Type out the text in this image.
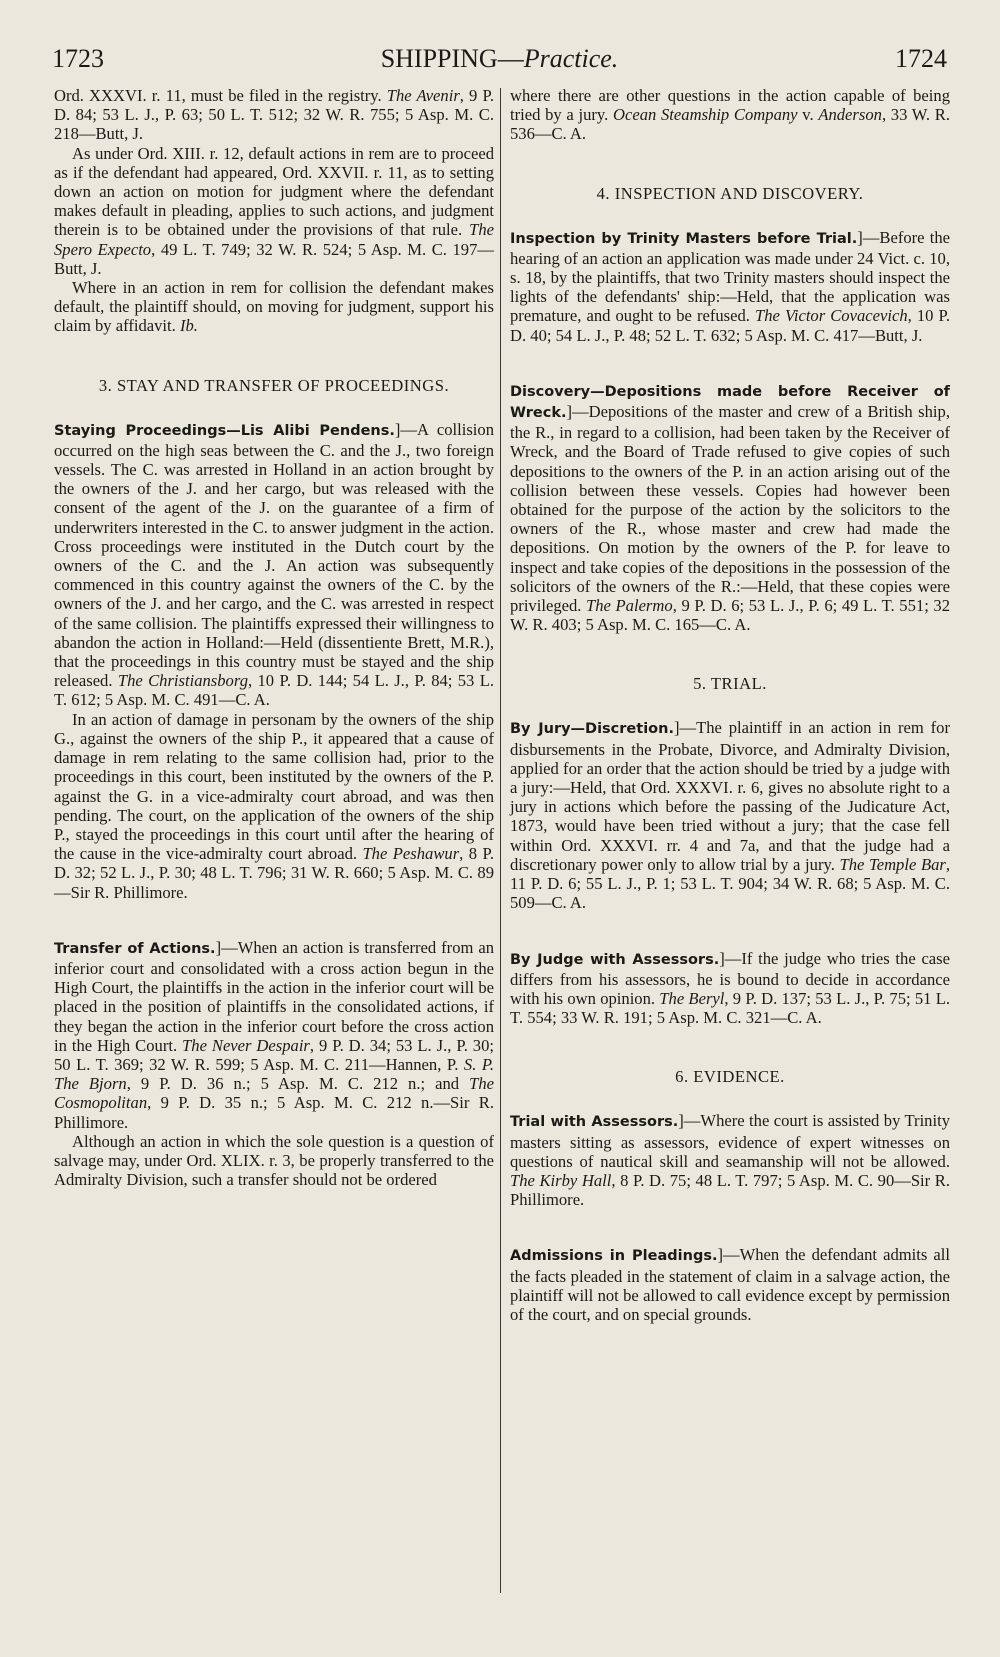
1723	SHIPPING—Practice.	1724

Ord. XXXVI. r. 11, must be filed in the registry. The Avenir, 9 P. D. 84; 53 L. J., P. 63; 50 L. T. 512; 32 W. R. 755; 5 Asp. M. C. 218—Butt, J.

As under Ord. XIII. r. 12, default actions in rem are to proceed as if the defendant had appeared, Ord. XXVII. r. 11, as to setting down an action on motion for judgment where the defendant makes default in pleading, applies to such actions, and judgment therein is to be obtained under the provisions of that rule. The Spero Expecto, 49 L. T. 749; 32 W. R. 524; 5 Asp. M. C. 197—Butt, J.

Where in an action in rem for collision the defendant makes default, the plaintiff should, on moving for judgment, support his claim by affidavit. Ib.

3. STAY AND TRANSFER OF PROCEEDINGS.

Staying Proceedings—Lis Alibi Pendens.]—A collision occurred on the high seas between the C. and the J., two foreign vessels. The C. was arrested in Holland in an action brought by the owners of the J. and her cargo, but was released with the consent of the agent of the J. on the guarantee of a firm of underwriters interested in the C. to answer judgment in the action. Cross proceedings were instituted in the Dutch court by the owners of the C. and the J. An action was subsequently commenced in this country against the owners of the C. by the owners of the J. and her cargo, and the C. was arrested in respect of the same collision. The plaintiffs expressed their willingness to abandon the action in Holland:—Held (dissentiente Brett, M.R.), that the proceedings in this country must be stayed and the ship released. The Christiansborg, 10 P. D. 144; 54 L. J., P. 84; 53 L. T. 612; 5 Asp. M. C. 491—C. A.

In an action of damage in personam by the owners of the ship G., against the owners of the ship P., it appeared that a cause of damage in rem relating to the same collision had, prior to the proceedings in this court, been instituted by the owners of the P. against the G. in a vice-admiralty court abroad, and was then pending. The court, on the application of the owners of the ship P., stayed the proceedings in this court until after the hearing of the cause in the vice-admiralty court abroad. The Peshawur, 8 P. D. 32; 52 L. J., P. 30; 48 L. T. 796; 31 W. R. 660; 5 Asp. M. C. 89—Sir R. Phillimore.

Transfer of Actions.]—When an action is transferred from an inferior court and consolidated with a cross action begun in the High Court, the plaintiffs in the action in the inferior court will be placed in the position of plaintiffs in the consolidated actions, if they began the action in the inferior court before the cross action in the High Court. The Never Despair, 9 P. D. 34; 53 L. J., P. 30; 50 L. T. 369; 32 W. R. 599; 5 Asp. M. C. 211—Hannen, P. S. P. The Bjorn, 9 P. D. 36 n.; 5 Asp. M. C. 212 n.; and The Cosmopolitan, 9 P. D. 35 n.; 5 Asp. M. C. 212 n.—Sir R. Phillimore.

Although an action in which the sole question is a question of salvage may, under Ord. XLIX. r. 3, be properly transferred to the Admiralty Division, such a transfer should not be ordered

where there are other questions in the action capable of being tried by a jury. Ocean Steamship Company v. Anderson, 33 W. R. 536—C. A.

4. INSPECTION AND DISCOVERY.

Inspection by Trinity Masters before Trial.]—Before the hearing of an action an application was made under 24 Vict. c. 10, s. 18, by the plaintiffs, that two Trinity masters should inspect the lights of the defendants' ship:—Held, that the application was premature, and ought to be refused. The Victor Covacevich, 10 P. D. 40; 54 L. J., P. 48; 52 L. T. 632; 5 Asp. M. C. 417—Butt, J.

Discovery—Depositions made before Receiver of Wreck.]—Depositions of the master and crew of a British ship, the R., in regard to a collision, had been taken by the Receiver of Wreck, and the Board of Trade refused to give copies of such depositions to the owners of the P. in an action arising out of the collision between these vessels. Copies had however been obtained for the purpose of the action by the solicitors to the owners of the R., whose master and crew had made the depositions. On motion by the owners of the P. for leave to inspect and take copies of the depositions in the possession of the solicitors of the owners of the R.:—Held, that these copies were privileged. The Palermo, 9 P. D. 6; 53 L. J., P. 6; 49 L. T. 551; 32 W. R. 403; 5 Asp. M. C. 165—C. A.

5. TRIAL.

By Jury—Discretion.]—The plaintiff in an action in rem for disbursements in the Probate, Divorce, and Admiralty Division, applied for an order that the action should be tried by a judge with a jury:—Held, that Ord. XXXVI. r. 6, gives no absolute right to a jury in actions which before the passing of the Judicature Act, 1873, would have been tried without a jury; that the case fell within Ord. XXXVI. rr. 4 and 7a, and that the judge had a discretionary power only to allow trial by a jury. The Temple Bar, 11 P. D. 6; 55 L. J., P. 1; 53 L. T. 904; 34 W. R. 68; 5 Asp. M. C. 509—C. A.

By Judge with Assessors.]—If the judge who tries the case differs from his assessors, he is bound to decide in accordance with his own opinion. The Beryl, 9 P. D. 137; 53 L. J., P. 75; 51 L. T. 554; 33 W. R. 191; 5 Asp. M. C. 321—C. A.

6. EVIDENCE.

Trial with Assessors.]—Where the court is assisted by Trinity masters sitting as assessors, evidence of expert witnesses on questions of nautical skill and seamanship will not be allowed. The Kirby Hall, 8 P. D. 75; 48 L. T. 797; 5 Asp. M. C. 90—Sir R. Phillimore.

Admissions in Pleadings.]—When the defendant admits all the facts pleaded in the statement of claim in a salvage action, the plaintiff will not be allowed to call evidence except by permission of the court, and on special grounds.
